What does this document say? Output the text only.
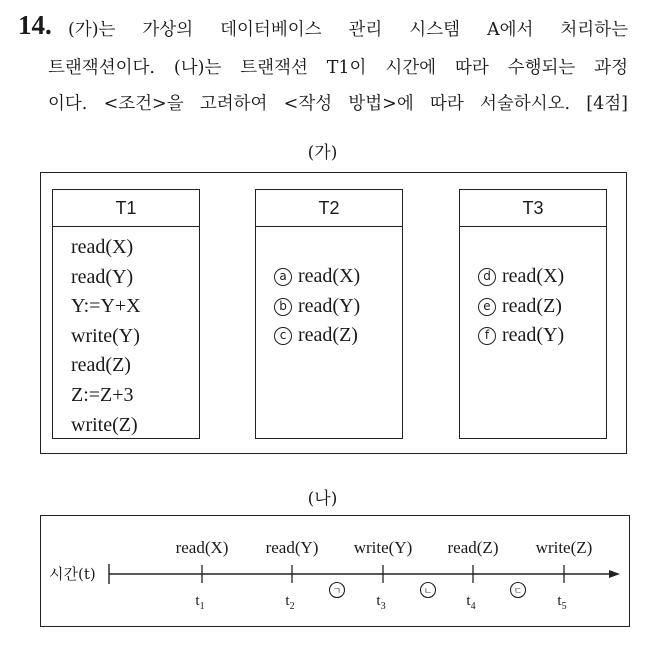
14. (가)는 가상의 데이터베이스 관리 시스템 A에서 처리하는
트랜잭션이다. (나)는 트랜잭션 T1이 시간에 따라 수행되는 과정
이다. <조건>을 고려하여 <작성 방법>에 따라 서술하시오. [4점]
(가)
T1
read(X)
read(Y)
Y:=Y+X
write(Y)
read(Z)
Z:=Z+3
write(Z)
T2
a read(X)
b read(Y)
c read(Z)
T3
d read(X)
e read(Z)
f read(Y)
(나)
시간(t)
read(X)
$t_1$
read(Y)
$t_2$
write(Y)
$t_3$
read(Z)
$t_4$
write(Z)
$t_5$
ㄱ	ㄴ	ㄷ
